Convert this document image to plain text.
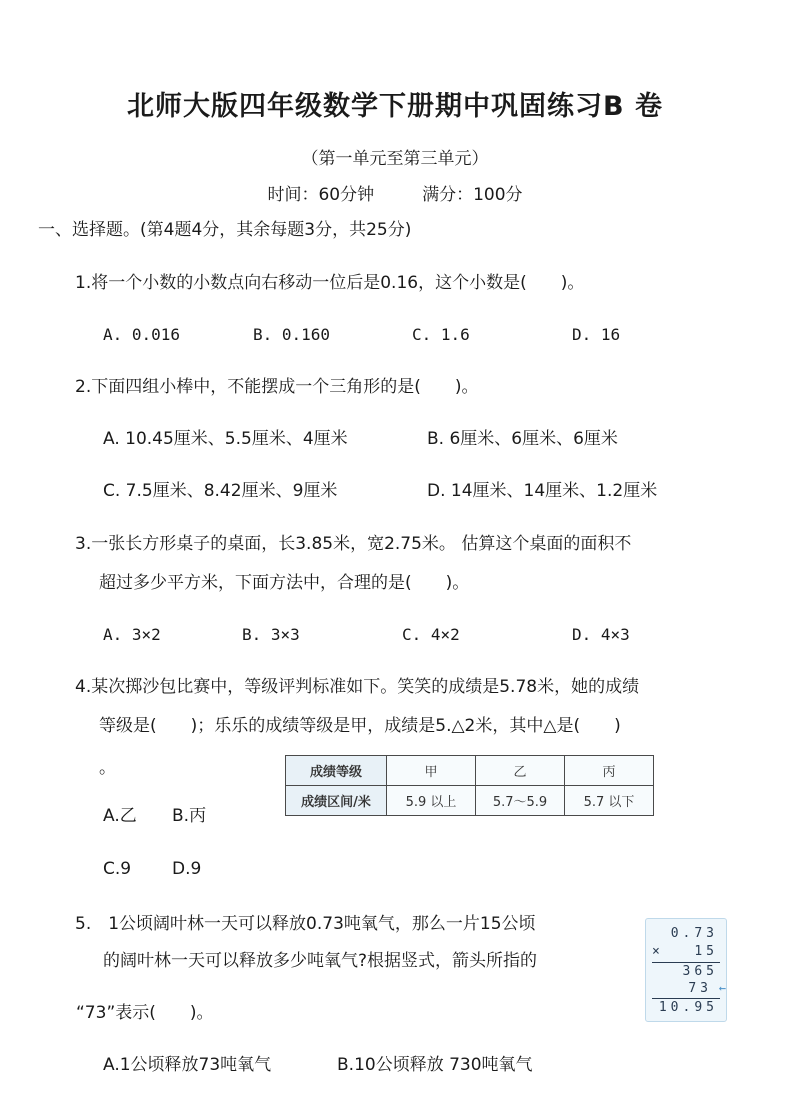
北师大版四年级数学下册期中巩固练习B 卷
（第一单元至第三单元）
时间：60分钟	满分：100分
一、选择题。(第4题4分，其余每题3分，共25分)
1.将一个小数的小数点向右移动一位后是0.16，这个小数是(　　)。
A. 0.016	B. 0.160	C. 1.6	D. 16
2.下面四组小棒中，不能摆成一个三角形的是(　　)。
A. 10.45厘米、5.5厘米、4厘米	B. 6厘米、6厘米、6厘米
C. 7.5厘米、8.42厘米、9厘米	D. 14厘米、14厘米、1.2厘米
3.一张长方形桌子的桌面，长3.85米，宽2.75米。 估算这个桌面的面积不
超过多少平方米，下面方法中，合理的是(　　)。
A. 3×2	B. 3×3	C. 4×2	D. 4×3
4.某次掷沙包比赛中，等级评判标准如下。笑笑的成绩是5.78米，她的成绩
等级是(　　)；乐乐的成绩等级是甲，成绩是5.△2米，其中△是(　　)
。	成绩等级	甲	乙	丙
成绩区间/米	5.9 以上	5.7～5.9	5.7 以下
A.乙 B.丙
C.9 D.9
5.　1公顷阔叶林一天可以释放0.73吨氧气，那么一片15公顷
的阔叶林一天可以释放多少吨氧气?根据竖式，箭头所指的
“73”表示(　　)。
0.73
× 15
365
73 ←
10.95
A.1公顷释放73吨氧气	B.10公顷释放 730吨氧气
